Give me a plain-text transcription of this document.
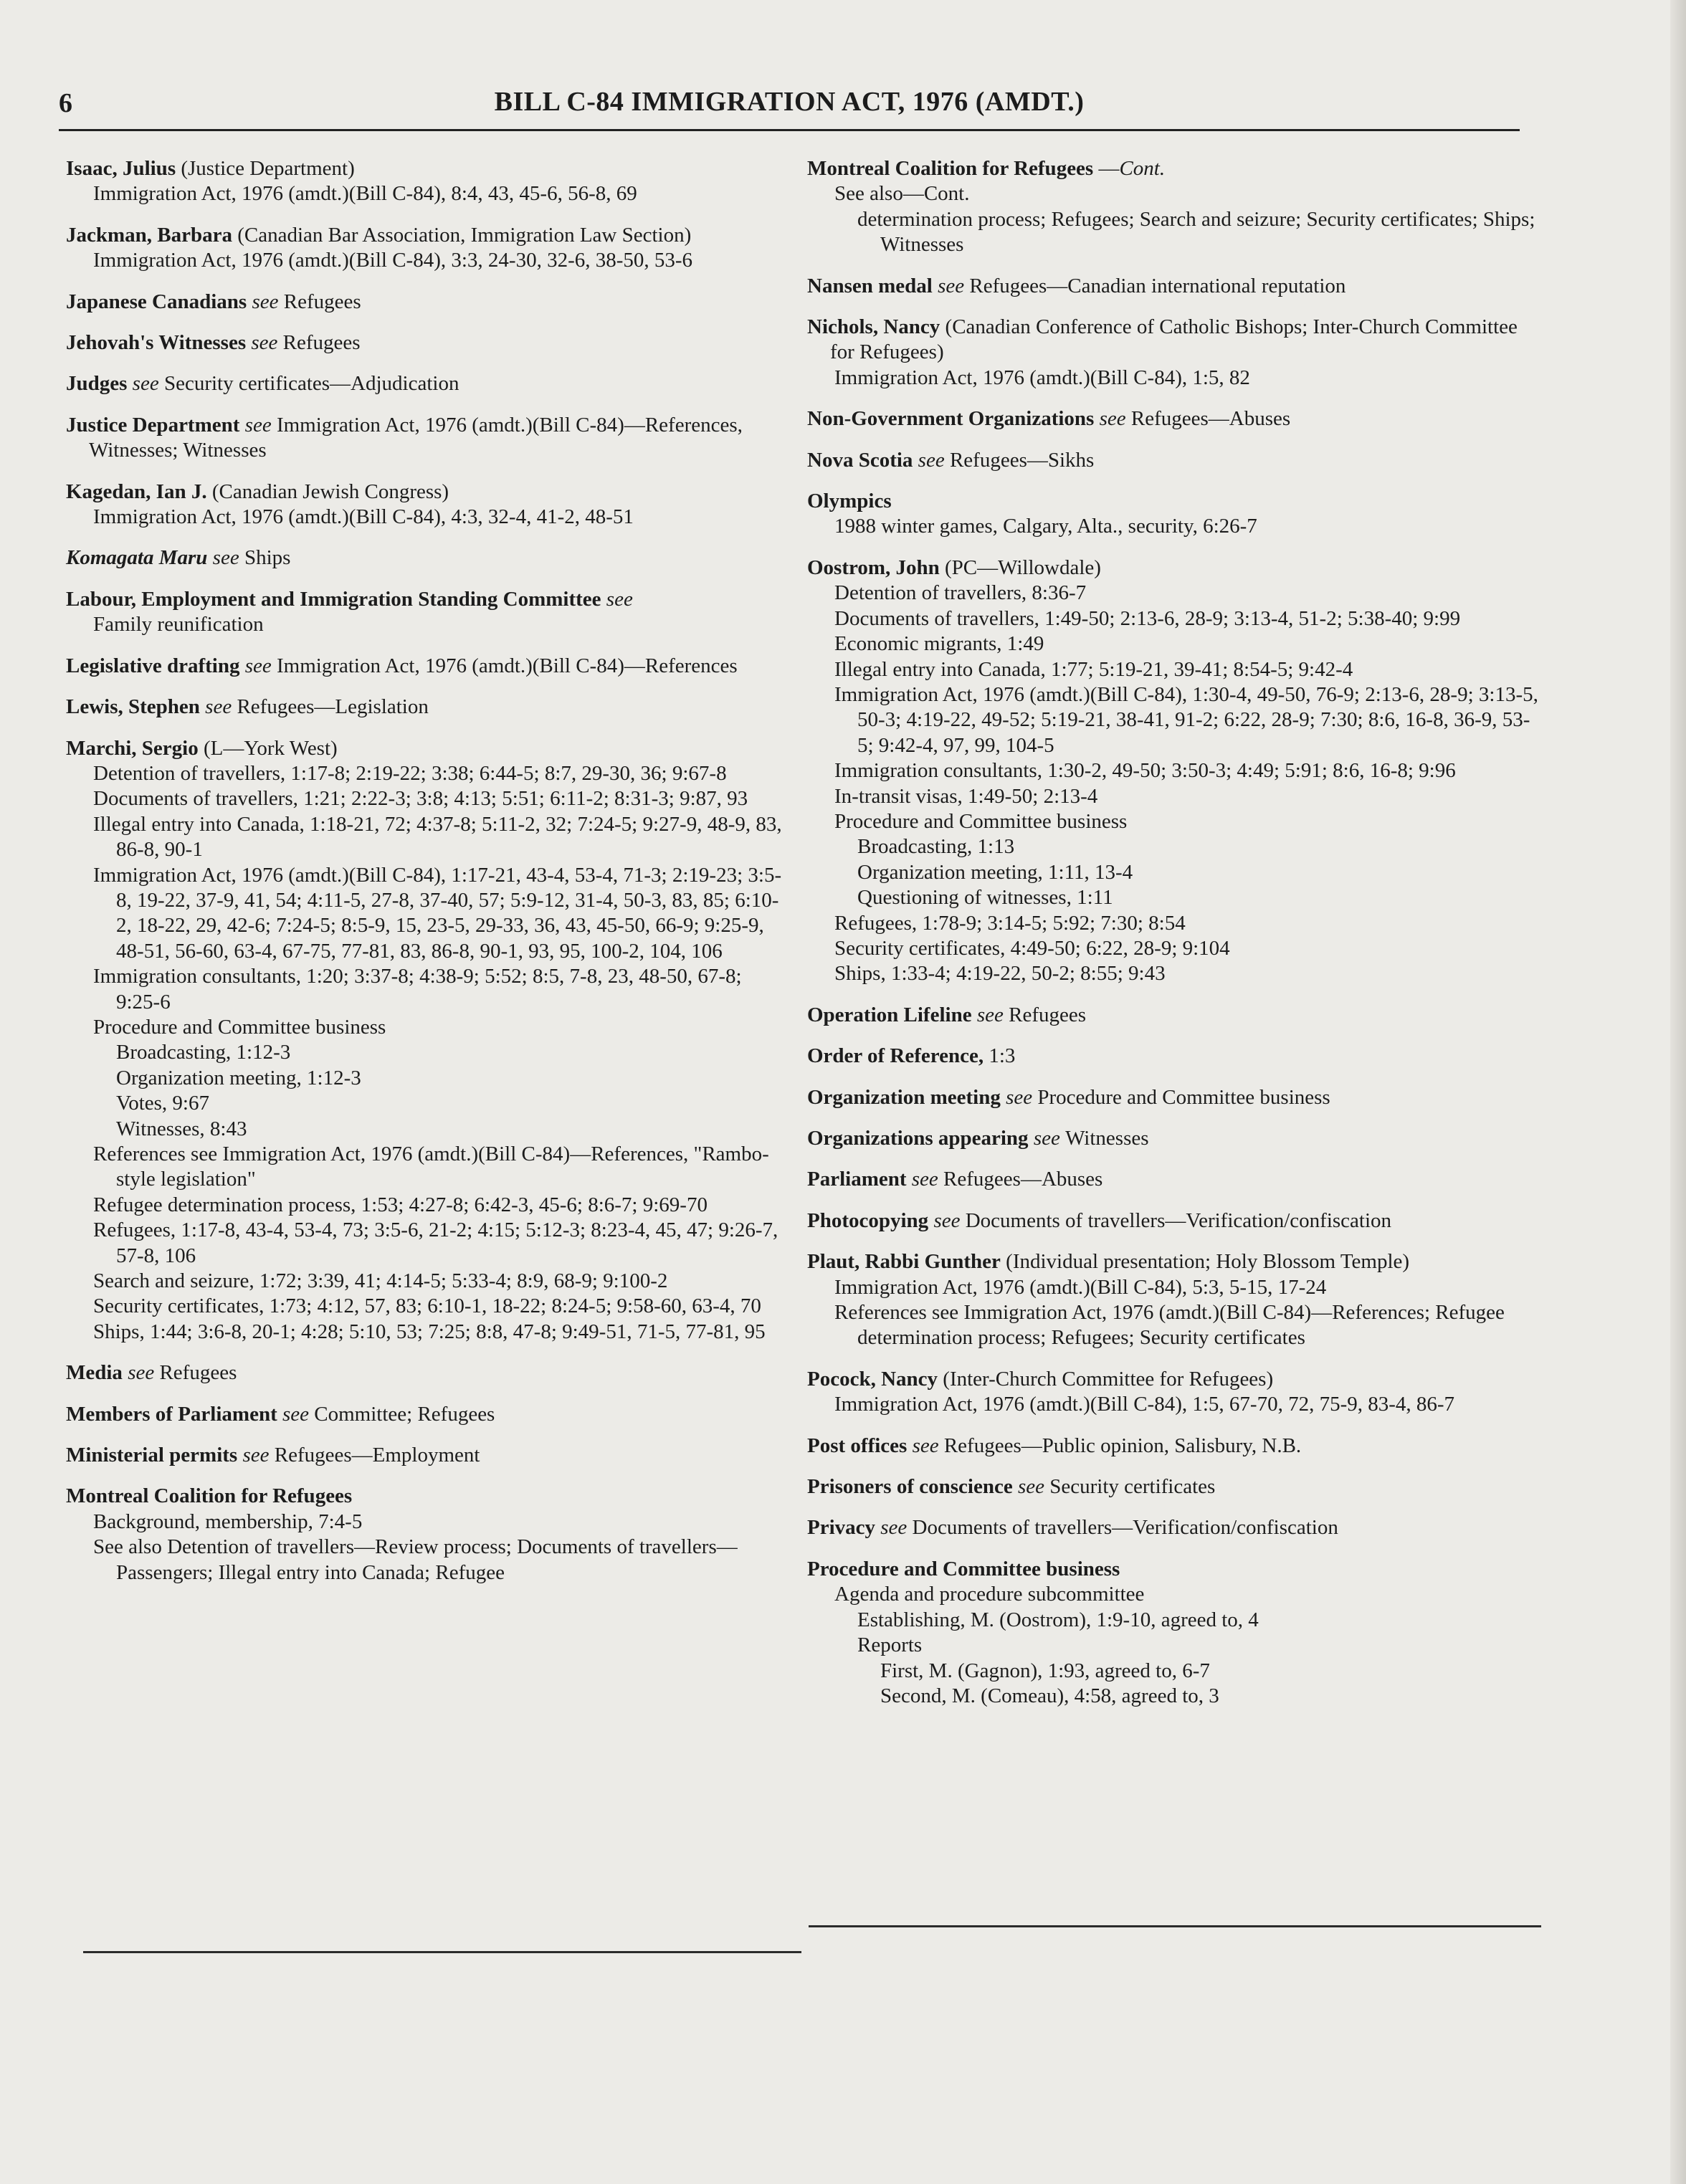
6	BILL C-84 IMMIGRATION ACT, 1976 (AMDT.)
Isaac, Julius (Justice Department)
Immigration Act, 1976 (amdt.)(Bill C-84), 8:4, 43, 45-6, 56-8, 69
Jackman, Barbara (Canadian Bar Association, Immigration Law Section)
Immigration Act, 1976 (amdt.)(Bill C-84), 3:3, 24-30, 32-6, 38-50, 53-6
Japanese Canadians see Refugees
Jehovah's Witnesses see Refugees
Judges see Security certificates—Adjudication
Justice Department see Immigration Act, 1976 (amdt.)(Bill C-84)—References, Witnesses; Witnesses
Kagedan, Ian J. (Canadian Jewish Congress)
Immigration Act, 1976 (amdt.)(Bill C-84), 4:3, 32-4, 41-2, 48-51
Komagata Maru see Ships
Labour, Employment and Immigration Standing Committee see
Family reunification
Legislative drafting see Immigration Act, 1976 (amdt.)(Bill C-84)—References
Lewis, Stephen see Refugees—Legislation
Marchi, Sergio (L—York West)
Detention of travellers, 1:17-8; 2:19-22; 3:38; 6:44-5; 8:7, 29-30, 36; 9:67-8
Documents of travellers, 1:21; 2:22-3; 3:8; 4:13; 5:51; 6:11-2; 8:31-3; 9:87, 93
Illegal entry into Canada, 1:18-21, 72; 4:37-8; 5:11-2, 32; 7:24-5; 9:27-9, 48-9, 83, 86-8, 90-1
Immigration Act, 1976 (amdt.)(Bill C-84), 1:17-21, 43-4, 53-4, 71-3; 2:19-23; 3:5-8, 19-22, 37-9, 41, 54; 4:11-5, 27-8, 37-40, 57; 5:9-12, 31-4, 50-3, 83, 85; 6:10-2, 18-22, 29, 42-6; 7:24-5; 8:5-9, 15, 23-5, 29-33, 36, 43, 45-50, 66-9; 9:25-9, 48-51, 56-60, 63-4, 67-75, 77-81, 83, 86-8, 90-1, 93, 95, 100-2, 104, 106
Immigration consultants, 1:20; 3:37-8; 4:38-9; 5:52; 8:5, 7-8, 23, 48-50, 67-8; 9:25-6
Procedure and Committee business
Broadcasting, 1:12-3
Organization meeting, 1:12-3
Votes, 9:67
Witnesses, 8:43
References see Immigration Act, 1976 (amdt.)(Bill C-84)—References, "Rambo-style legislation"
Refugee determination process, 1:53; 4:27-8; 6:42-3, 45-6; 8:6-7; 9:69-70
Refugees, 1:17-8, 43-4, 53-4, 73; 3:5-6, 21-2; 4:15; 5:12-3; 8:23-4, 45, 47; 9:26-7, 57-8, 106
Search and seizure, 1:72; 3:39, 41; 4:14-5; 5:33-4; 8:9, 68-9; 9:100-2
Security certificates, 1:73; 4:12, 57, 83; 6:10-1, 18-22; 8:24-5; 9:58-60, 63-4, 70
Ships, 1:44; 3:6-8, 20-1; 4:28; 5:10, 53; 7:25; 8:8, 47-8; 9:49-51, 71-5, 77-81, 95
Media see Refugees
Members of Parliament see Committee; Refugees
Ministerial permits see Refugees—Employment
Montreal Coalition for Refugees
Background, membership, 7:4-5
See also Detention of travellers—Review process; Documents of travellers—Passengers; Illegal entry into Canada; Refugee
Montreal Coalition for Refugees —Cont.
See also—Cont.
determination process; Refugees; Search and seizure; Security certificates; Ships; Witnesses
Nansen medal see Refugees—Canadian international reputation
Nichols, Nancy (Canadian Conference of Catholic Bishops; Inter-Church Committee for Refugees)
Immigration Act, 1976 (amdt.)(Bill C-84), 1:5, 82
Non-Government Organizations see Refugees—Abuses
Nova Scotia see Refugees—Sikhs
Olympics
1988 winter games, Calgary, Alta., security, 6:26-7
Oostrom, John (PC—Willowdale)
Detention of travellers, 8:36-7
Documents of travellers, 1:49-50; 2:13-6, 28-9; 3:13-4, 51-2; 5:38-40; 9:99
Economic migrants, 1:49
Illegal entry into Canada, 1:77; 5:19-21, 39-41; 8:54-5; 9:42-4
Immigration Act, 1976 (amdt.)(Bill C-84), 1:30-4, 49-50, 76-9; 2:13-6, 28-9; 3:13-5, 50-3; 4:19-22, 49-52; 5:19-21, 38-41, 91-2; 6:22, 28-9; 7:30; 8:6, 16-8, 36-9, 53-5; 9:42-4, 97, 99, 104-5
Immigration consultants, 1:30-2, 49-50; 3:50-3; 4:49; 5:91; 8:6, 16-8; 9:96
In-transit visas, 1:49-50; 2:13-4
Procedure and Committee business
Broadcasting, 1:13
Organization meeting, 1:11, 13-4
Questioning of witnesses, 1:11
Refugees, 1:78-9; 3:14-5; 5:92; 7:30; 8:54
Security certificates, 4:49-50; 6:22, 28-9; 9:104
Ships, 1:33-4; 4:19-22, 50-2; 8:55; 9:43
Operation Lifeline see Refugees
Order of Reference, 1:3
Organization meeting see Procedure and Committee business
Organizations appearing see Witnesses
Parliament see Refugees—Abuses
Photocopying see Documents of travellers—Verification/confiscation
Plaut, Rabbi Gunther (Individual presentation; Holy Blossom Temple)
Immigration Act, 1976 (amdt.)(Bill C-84), 5:3, 5-15, 17-24
References see Immigration Act, 1976 (amdt.)(Bill C-84)—References; Refugee determination process; Refugees; Security certificates
Pocock, Nancy (Inter-Church Committee for Refugees)
Immigration Act, 1976 (amdt.)(Bill C-84), 1:5, 67-70, 72, 75-9, 83-4, 86-7
Post offices see Refugees—Public opinion, Salisbury, N.B.
Prisoners of conscience see Security certificates
Privacy see Documents of travellers—Verification/confiscation
Procedure and Committee business
Agenda and procedure subcommittee
Establishing, M. (Oostrom), 1:9-10, agreed to, 4
Reports
First, M. (Gagnon), 1:93, agreed to, 6-7
Second, M. (Comeau), 4:58, agreed to, 3
